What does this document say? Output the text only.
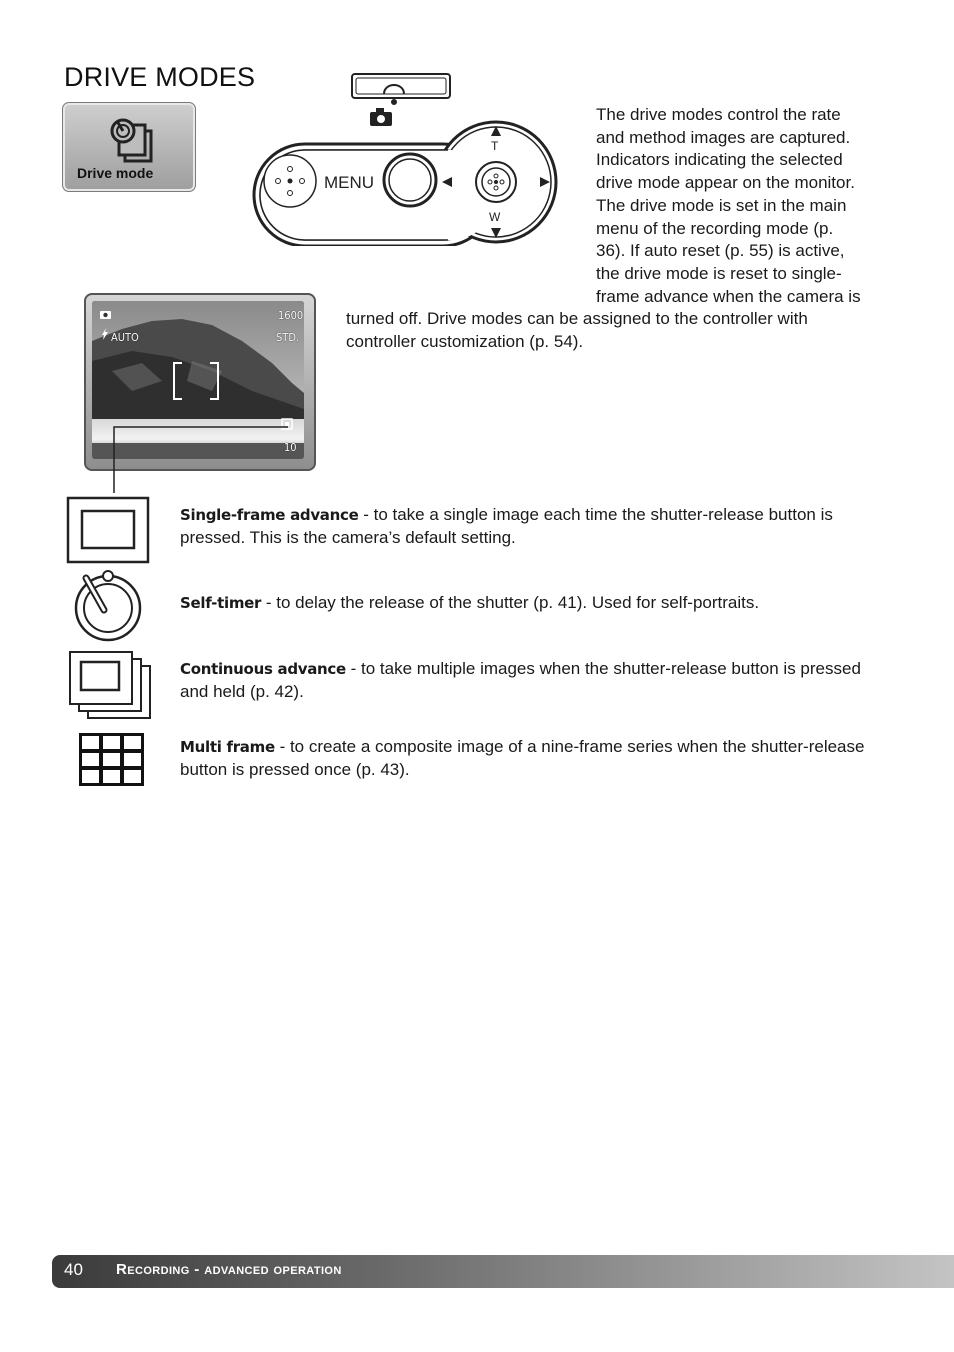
DRIVE MODES
Drive mode	MENU
T
W
The drive modes control the rate
and method images are captured.
Indicators indicating the selected
drive mode appear on the monitor.
The drive mode is set in the main
menu of the recording mode (p.
36). If auto reset (p. 55) is active,
the drive mode is reset to single-
frame advance when the camera is
turned off. Drive modes can be assigned to the controller with
controller customization (p. 54).
1600
AUTO	STD.
10
Single-frame advance - to take a single image each time the shutter-release button is pressed. This is the camera’s default setting.
Self-timer - to delay the release of the shutter (p. 41). Used for self-portraits.
Continuous advance - to take multiple images when the shutter-release button is pressed and held (p. 42).
Multi frame - to create a composite image of a nine-frame series when the shutter-release button is pressed once (p. 43).
40 Recording - advanced operation
